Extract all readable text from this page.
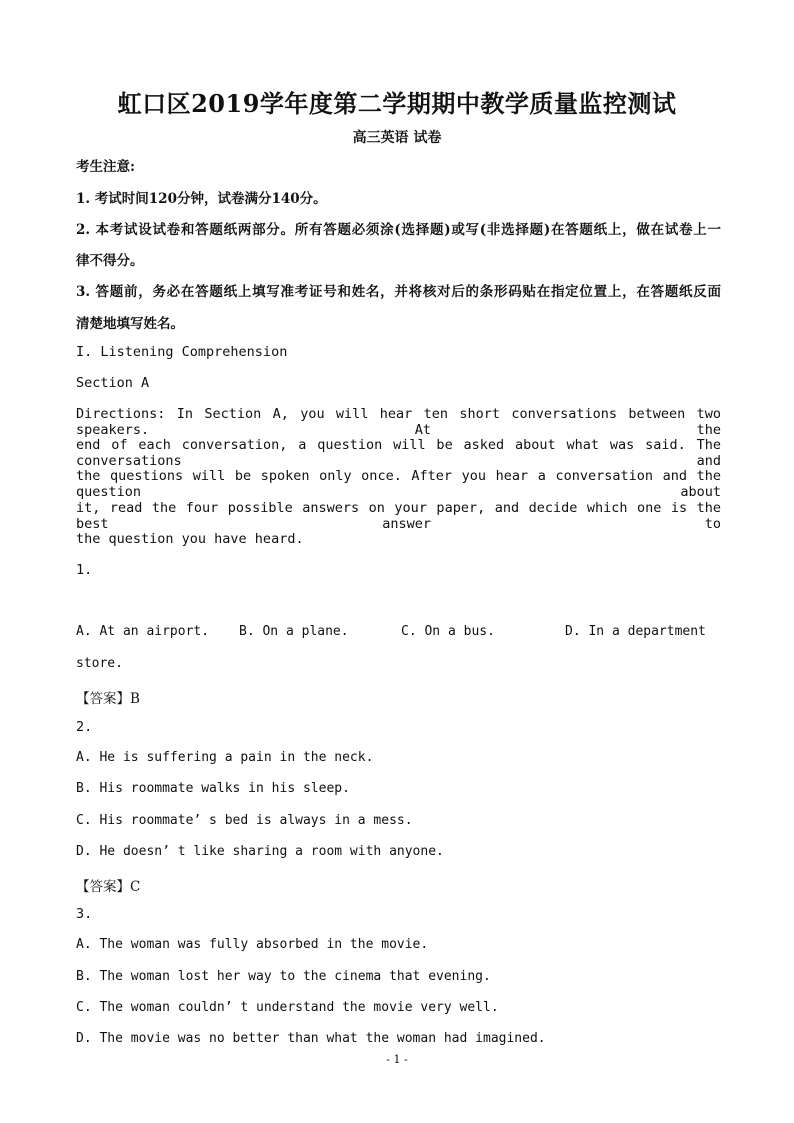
虹口区2019学年度第二学期期中教学质量监控测试
高三英语 试卷
考生注意:
1. 考试时间120分钟，试卷满分140分。
2. 本考试设试卷和答题纸两部分。所有答题必须涂(选择题)或写(非选择题)在答题纸上，做在试卷上一
律不得分。
3. 答题前，务必在答题纸上填写准考证号和姓名，并将核对后的条形码贴在指定位置上，在答题纸反面
清楚地填写姓名。
I. Listening Comprehension
Section A
Directions: In Section A, you will hear ten short conversations between two speakers. At the
end of each conversation, a question will be asked about what was said. The conversations and
the questions will be spoken only once. After you hear a conversation and the question about
it, read the four possible answers on your paper, and decide which one is the best answer to
the question you have heard.
1.
A. At an airport. B. On a plane.	C. On a bus.	D. In a department
store.
【答案】B
2.
A. He is suffering a pain in the neck.
B. His roommate walks in his sleep.
C. His roommate’ s bed is always in a mess.
D. He doesn’ t like sharing a room with anyone.
【答案】C
3.
A. The woman was fully absorbed in the movie.
B. The woman lost her way to the cinema that evening.
C. The woman couldn’ t understand the movie very well.
D. The movie was no better than what the woman had imagined.
- 1 -
